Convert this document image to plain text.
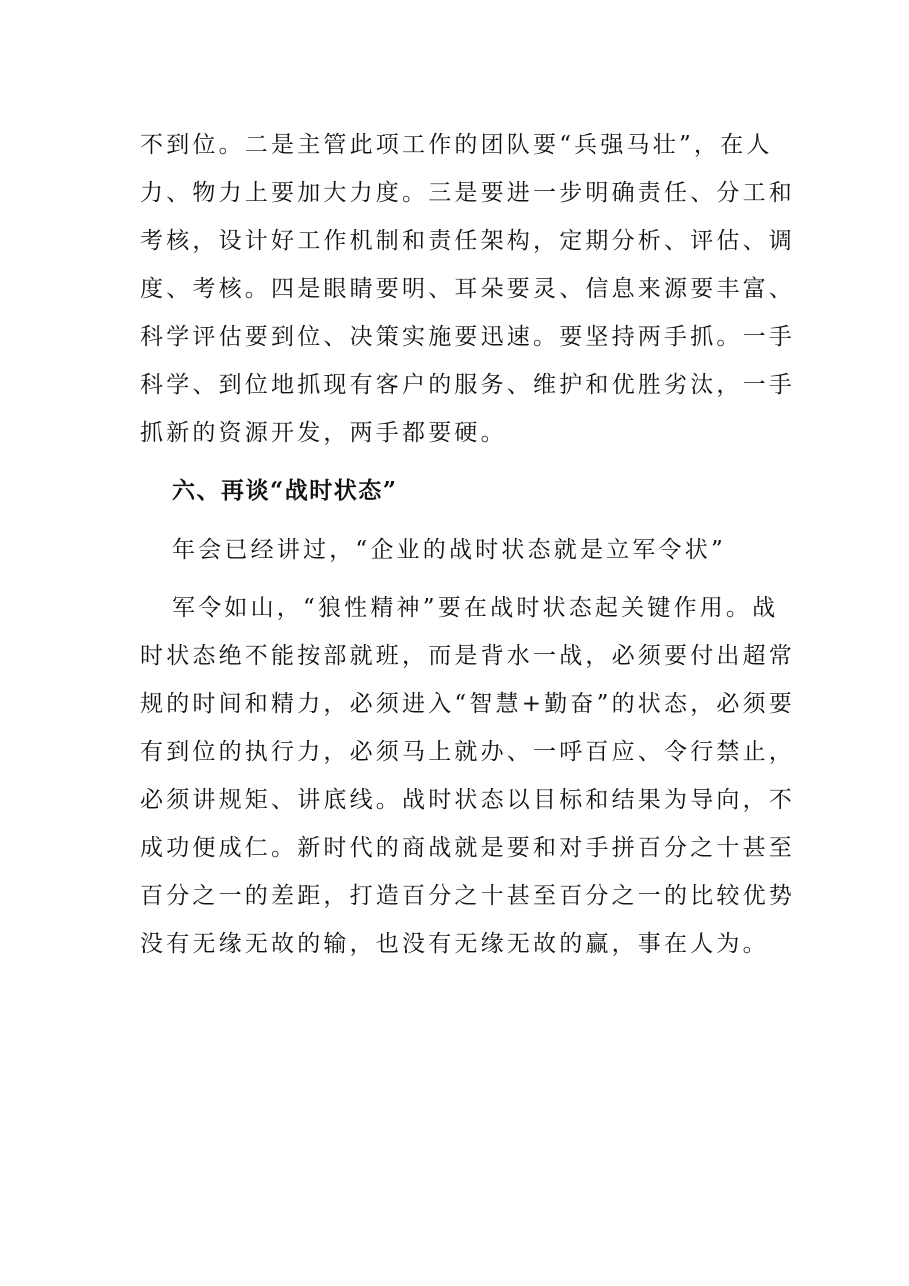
不到位。二是主管此项工作的团队要“兵强马壮”，在人
力、物力上要加大力度。三是要进一步明确责任、分工和
考核，设计好工作机制和责任架构，定期分析、评估、调
度、考核。四是眼睛要明、耳朵要灵、信息来源要丰富、
科学评估要到位、决策实施要迅速。要坚持两手抓。一手
科学、到位地抓现有客户的服务、维护和优胜劣汰，一手
抓新的资源开发，两手都要硬。
六、再谈“战时状态”
年会已经讲过，“企业的战时状态就是立军令状”
军令如山，“狼性精神”要在战时状态起关键作用。战
时状态绝不能按部就班，而是背水一战，必须要付出超常
规的时间和精力，必须进入“智慧+勤奋”的状态，必须要
有到位的执行力，必须马上就办、一呼百应、令行禁止，
必须讲规矩、讲底线。战时状态以目标和结果为导向，不
成功便成仁。新时代的商战就是要和对手拼百分之十甚至
百分之一的差距，打造百分之十甚至百分之一的比较优势
没有无缘无故的输，也没有无缘无故的赢，事在人为。
